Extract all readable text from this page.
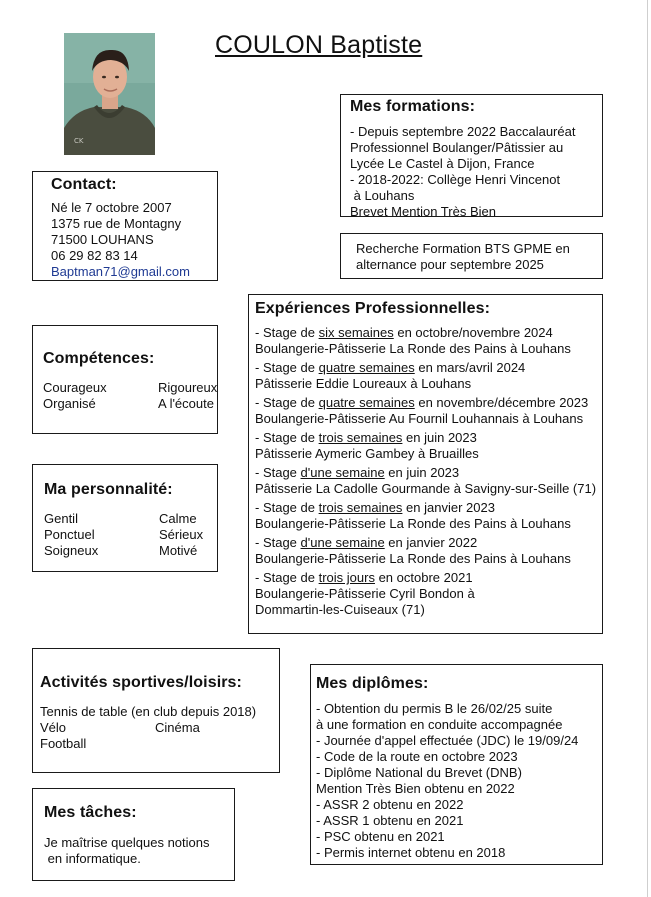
CK
COULON Baptiste
Contact:
Né le 7 octobre 2007
1375 rue de Montagny
71500 LOUHANS
06 29 82 83 14
Baptman71@gmail.com
Mes formations:
- Depuis septembre 2022 Baccalauréat
Professionnel Boulanger/Pâtissier au
Lycée Le Castel à Dijon, France
- 2018-2022: Collège Henri Vincenot
à Louhans
Brevet Mention Très Bien
Recherche Formation BTS GPME en
alternance pour septembre 2025
Expériences Professionnelles:
- Stage de six semaines en octobre/novembre 2024
Boulangerie-Pâtisserie La Ronde des Pains à Louhans
- Stage de quatre semaines en mars/avril 2024
Pâtisserie Eddie Loureaux à Louhans
- Stage de quatre semaines en novembre/décembre 2023
Boulangerie-Pâtisserie Au Fournil Louhannais à Louhans
- Stage de trois semaines en juin 2023
Pâtisserie Aymeric Gambey à Bruailles
- Stage d'une semaine en juin 2023
Pâtisserie La Cadolle Gourmande à Savigny-sur-Seille (71)
- Stage de trois semaines en janvier 2023
Boulangerie-Pâtisserie La Ronde des Pains à Louhans
- Stage d'une semaine en janvier 2022
Boulangerie-Pâtisserie La Ronde des Pains à Louhans
- Stage de trois jours en octobre 2021
Boulangerie-Pâtisserie Cyril Bondon à
Dommartin-les-Cuiseaux (71)
Compétences:
Courageux	Rigoureux
Organisé	A l'écoute
Ma personnalité:
Gentil	Calme
Ponctuel	Sérieux
Soigneux	Motivé
Activités sportives/loisirs:
Tennis de table (en club depuis 2018)
Vélo	Cinéma
Football
Mes diplômes:
- Obtention du permis B le 26/02/25 suite
à une formation en conduite accompagnée
- Journée d'appel effectuée (JDC) le 19/09/24
- Code de la route en octobre 2023
- Diplôme National du Brevet (DNB)
Mention Très Bien obtenu en 2022
- ASSR 2 obtenu en 2022
- ASSR 1 obtenu en 2021
- PSC obtenu en 2021
- Permis internet obtenu en 2018
Mes tâches:
Je maîtrise quelques notions
en informatique.
